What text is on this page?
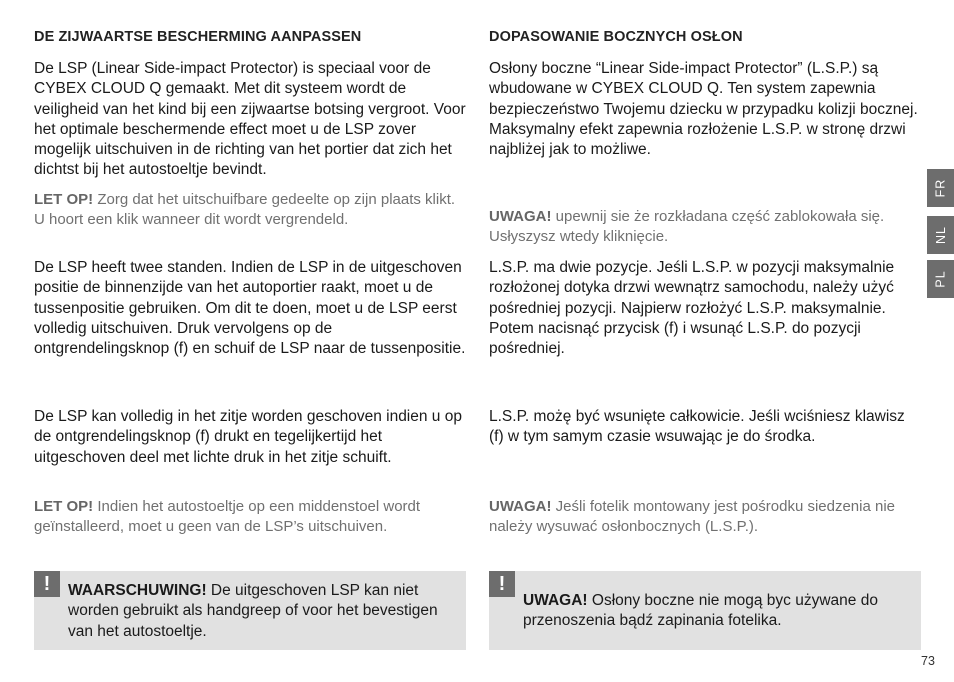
DE ZIJWAARTSE BESCHERMING AANPASSEN

De LSP (Linear Side-impact Protector) is speciaal voor de CYBEX CLOUD Q gemaakt. Met dit systeem wordt de veiligheid van het kind bij een zijwaartse botsing vergroot. Voor het optimale beschermende effect moet u de LSP zover mogelijk uitschuiven in de richting van het portier dat zich het dichtst bij het autostoeltje bevindt.

LET OP! Zorg dat het uitschuifbare gedeelte op zijn plaats klikt. U hoort een klik wanneer dit wordt vergrendeld.

De LSP heeft twee standen. Indien de LSP in de uitgeschoven positie de binnenzijde van het autoportier raakt, moet u de tussenpositie gebruiken. Om dit te doen, moet u de LSP eerst volledig uitschuiven. Druk vervolgens op de ontgrendelingsknop (f) en schuif de LSP naar de tussenpositie.

De LSP kan volledig in het zitje worden geschoven indien u op de ontgrendelingsknop (f) drukt en tegelijkertijd het uitgeschoven deel met lichte druk in het zitje schuift.

LET OP! Indien het autostoeltje op een middenstoel wordt geïnstalleerd, moet u geen van de LSP’s uitschuiven.

!	WAARSCHUWING! De uitgeschoven LSP kan niet worden gebruikt als handgreep of voor het bevestigen van het autostoeltje.

DOPASOWANIE BOCZNYCH OSŁON

Osłony boczne “Linear Side-impact Protector” (L.S.P.) są wbudowane w CYBEX CLOUD Q. Ten system zapewnia bezpieczeństwo Twojemu dziecku w przypadku kolizji bocznej. Maksymalny efekt zapewnia rozłożenie L.S.P. w stronę drzwi najbliżej jak to możliwe.

UWAGA! upewnij sie że rozkładana część zablokowała się. Usłyszysz wtedy kliknięcie.

L.S.P. ma dwie pozycje. Jeśli L.S.P. w pozycji maksymalnie rozłożonej dotyka drzwi wewnątrz samochodu, należy użyć pośredniej pozycji. Najpierw rozłożyć L.S.P. maksymalnie. Potem nacisnąć przycisk (f) i wsunąć L.S.P. do pozycji pośredniej.

L.S.P. możę być wsunięte całkowicie. Jeśli wciśniesz klawisz (f) w tym samym czasie wsuwając je do środka.

UWAGA! Jeśli fotelik montowany jest pośrodku siedzenia nie należy wysuwać osłonbocznych (L.S.P.).

!

UWAGA! Osłony boczne nie mogą byc używane do przenoszenia bądź zapinania fotelika.

FR
NL
PL
73
